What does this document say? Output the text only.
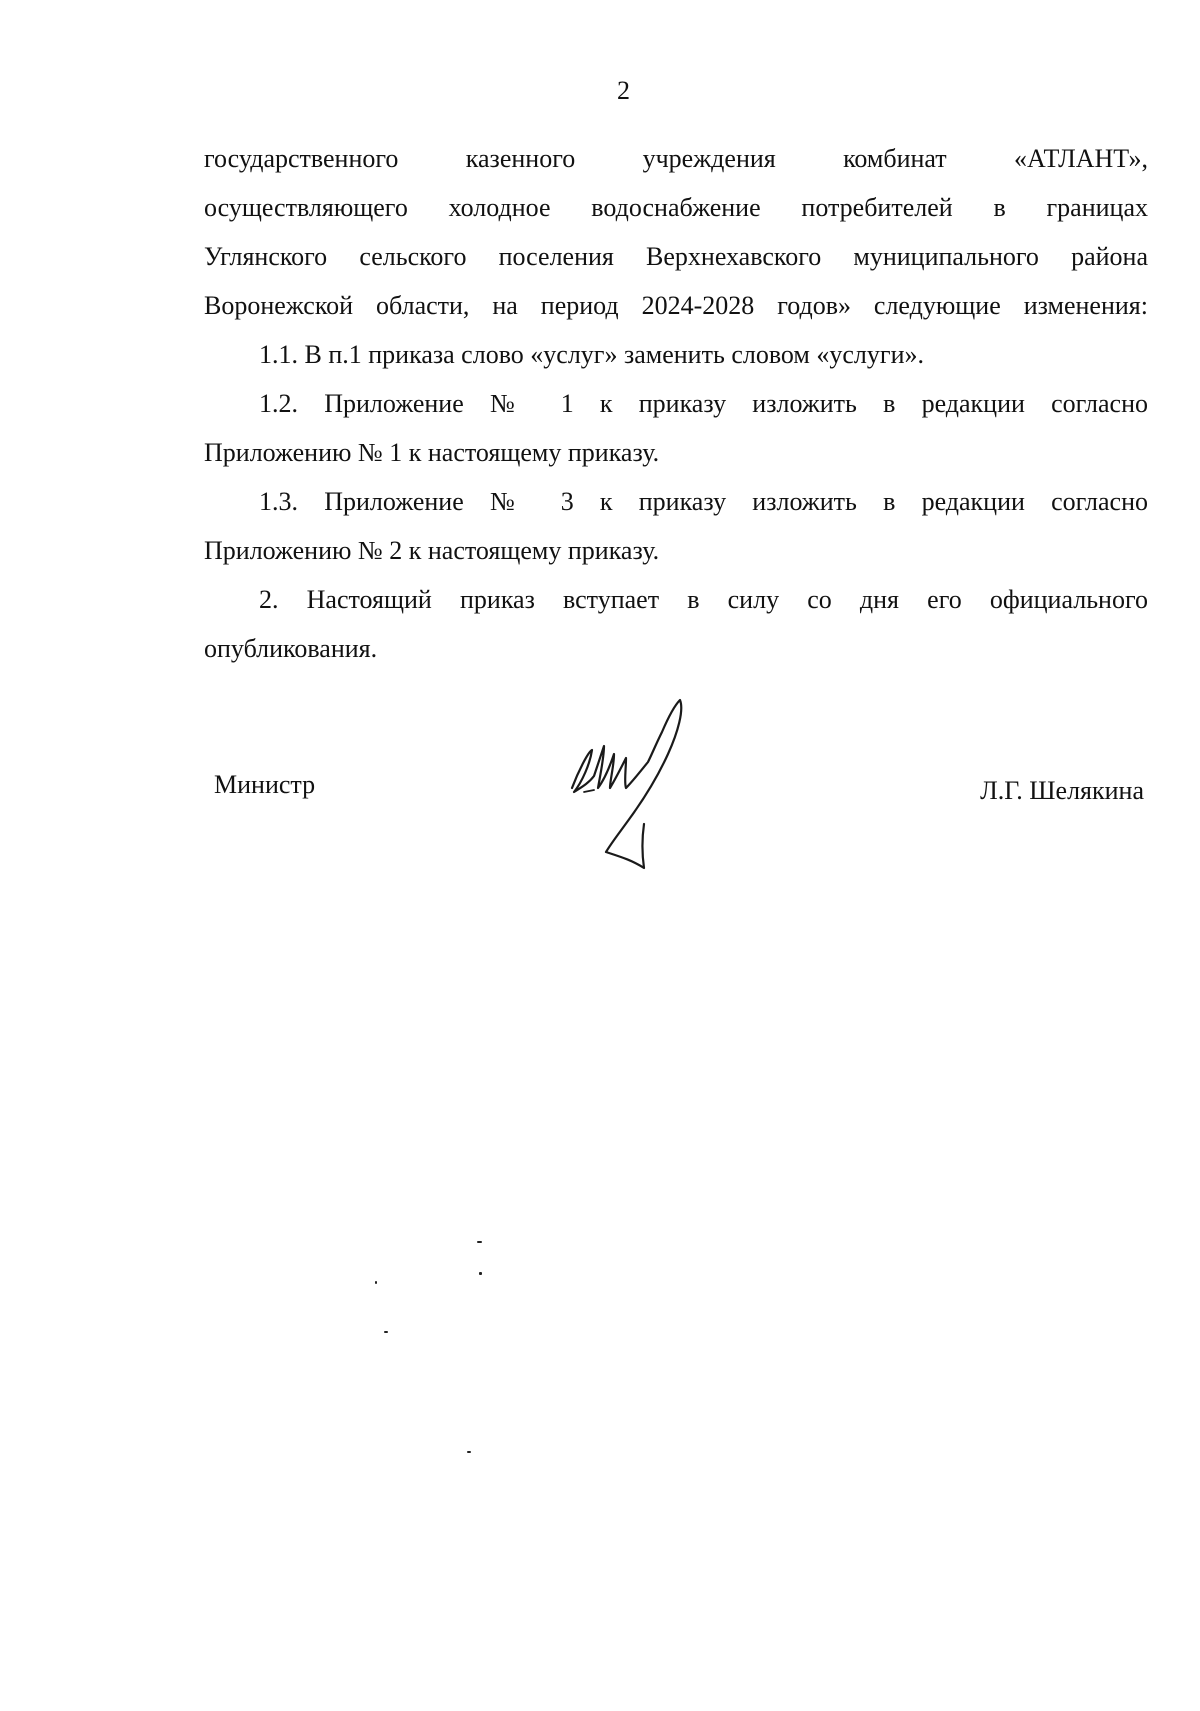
2
государственного	казенного	учреждения	комбинат	«АТЛАНТ»,
осуществляющего холодное водоснабжение потребителей в границах
Углянского сельского поселения Верхнехавского муниципального района
Воронежской области, на период 2024-2028 годов» следующие изменения:
1.1. В п.1 приказа слово «услуг» заменить словом «услуги».
1.2. Приложение № 1 к приказу изложить в редакции согласно
Приложению № 1 к настоящему приказу.
1.3. Приложение № 3 к приказу изложить в редакции согласно
Приложению № 2 к настоящему приказу.
2. Настоящий приказ вступает в силу со дня его официального
опубликования.
Министр	Л.Г. Шелякина
